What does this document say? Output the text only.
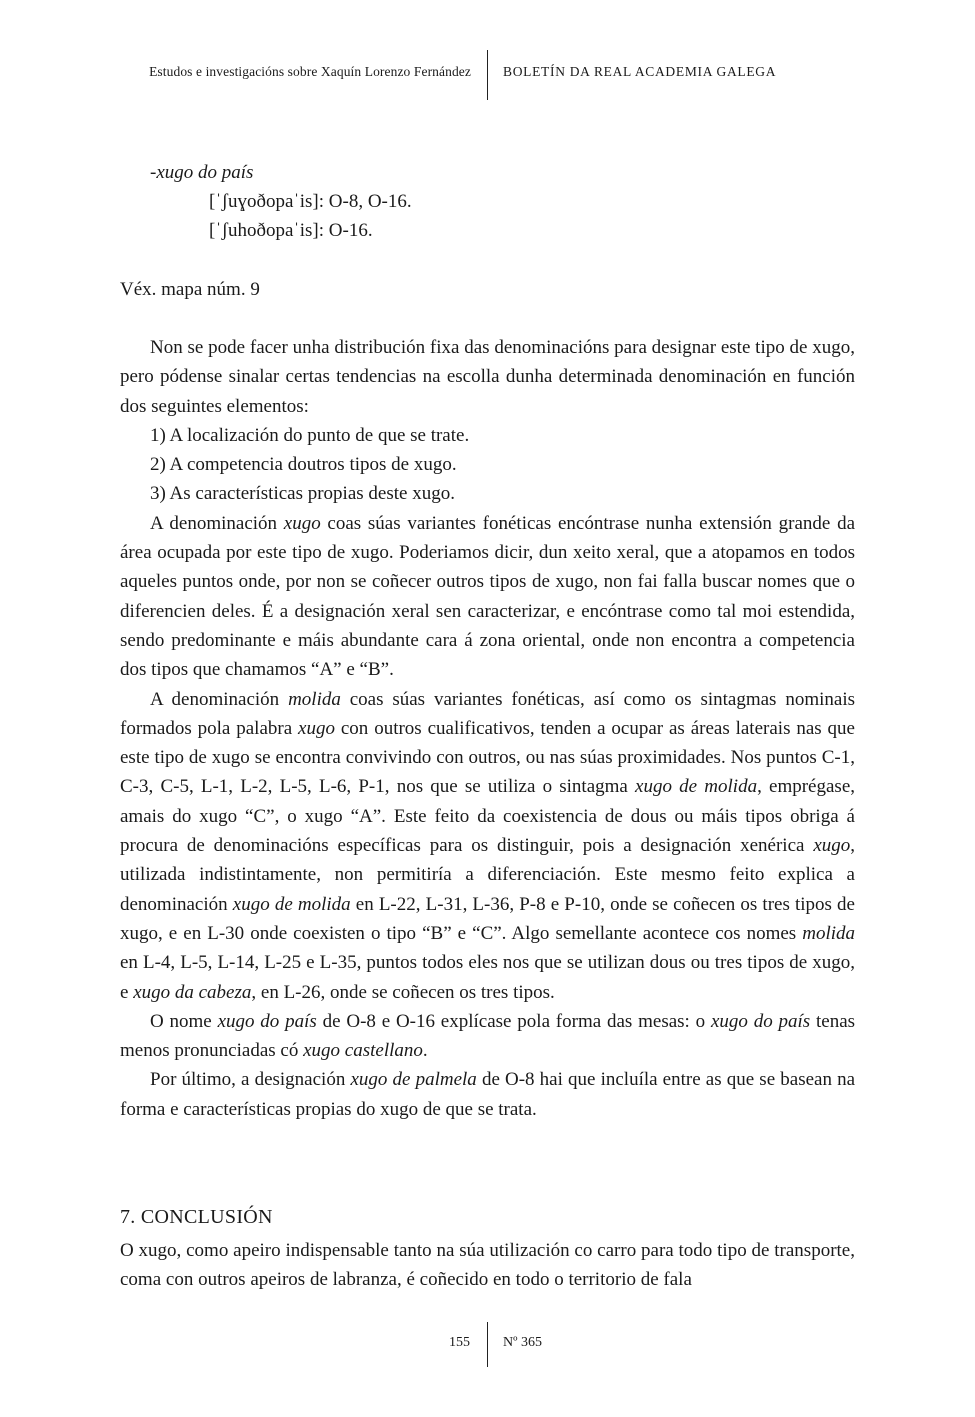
Estudos e investigacións sobre Xaquín Lorenzo Fernández BOLETÍN DA REAL ACADEMIA GALEGA
-xugo do país
[ˈʃuɣoðopaˈis]: O-8, O-16.
[ˈʃuhoðopaˈis]: O-16.
Véx. mapa núm. 9

Non se pode facer unha distribución fixa das denominacións para designar este tipo de xugo, pero pódense sinalar certas tendencias na escolla dunha determinada denominación en función dos seguintes elementos:

1) A localización do punto de que se trate.

2) A competencia doutros tipos de xugo.

3) As características propias deste xugo.

A denominación xugo coas súas variantes fonéticas encóntrase nunha extensión grande da área ocupada por este tipo de xugo. Poderiamos dicir, dun xeito xeral, que a atopamos en todos aqueles puntos onde, por non se coñecer outros tipos de xugo, non fai falla buscar nomes que o diferencien deles. É a designación xeral sen caracterizar, e encóntrase como tal moi estendida, sendo predominante e máis abundante cara á zona oriental, onde non encontra a competencia dos tipos que chamamos “A” e “B”.

A denominación molida coas súas variantes fonéticas, así como os sintagmas nominais formados pola palabra xugo con outros cualificativos, tenden a ocupar as áreas laterais nas que este tipo de xugo se encontra convivindo con outros, ou nas súas proximidades. Nos puntos C-1, C-3, C-5, L-1, L-2, L-5, L-6, P-1, nos que se utiliza o sintagma xugo de molida, emprégase, amais do xugo “C”, o xugo “A”. Este feito da coexistencia de dous ou máis tipos obriga á procura de denominacións específicas para os distinguir, pois a designación xenérica xugo, utilizada indistintamente, non permitiría a diferenciación. Este mesmo feito explica a denominación xugo de molida en L-22, L-31, L-36, P-8 e P-10, onde se coñecen os tres tipos de xugo, e en L-30 onde coexisten o tipo “B” e “C”. Algo semellante acontece cos nomes molida en L-4, L-5, L-14, L-25 e L-35, puntos todos eles nos que se utilizan dous ou tres tipos de xugo, e xugo da cabeza, en L-26, onde se coñecen os tres tipos.

O nome xugo do país de O-8 e O-16 explícase pola forma das mesas: o xugo do país tenas menos pronunciadas có xugo castellano.

Por último, a designación xugo de palmela de O-8 hai que incluíla entre as que se basean na forma e características propias do xugo de que se trata.

7. CONCLUSIÓN

O xugo, como apeiro indispensable tanto na súa utilización co carro para todo tipo de transporte, coma con outros apeiros de labranza, é coñecido en todo o territorio de fala

155 Nº 365
